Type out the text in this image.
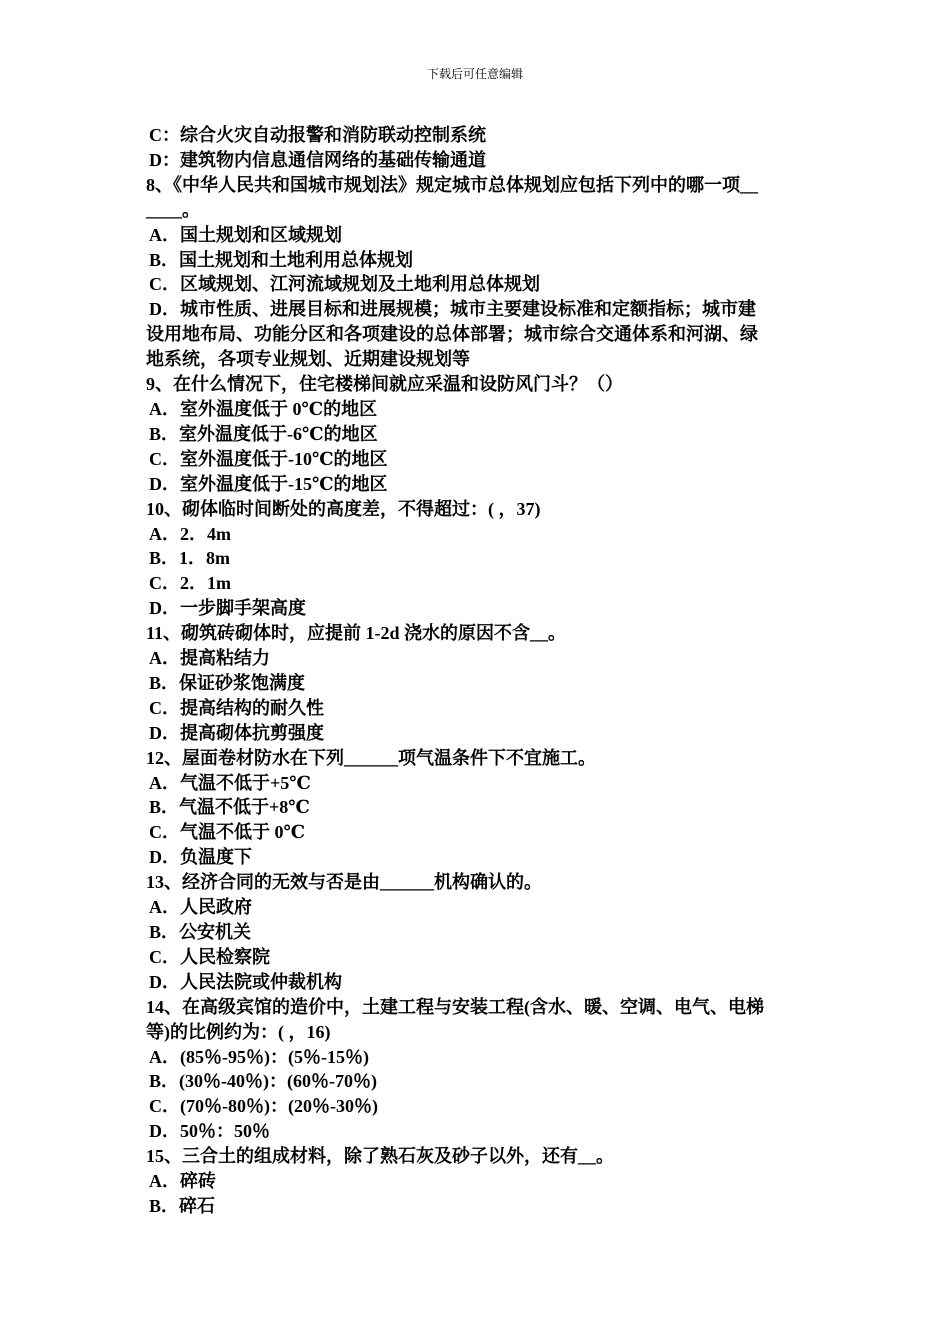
下载后可任意编辑
C：综合火灾自动报警和消防联动控制系统
D：建筑物内信息通信网络的基础传输通道
8、《中华人民共和国城市规划法》规定城市总体规划应包括下列中的哪一项__
____。
A．国土规划和区域规划
B．国土规划和土地利用总体规划
C．区域规划、江河流域规划及土地利用总体规划
D．城市性质、进展目标和进展规模；城市主要建设标准和定额指标；城市建
设用地布局、功能分区和各项建设的总体部署；城市综合交通体系和河湖、绿
地系统，各项专业规划、近期建设规划等
9、在什么情况下，住宅楼梯间就应采温和设防风门斗？（）
A．室外温度低于 0℃的地区
B．室外温度低于-6℃的地区
C．室外温度低于-10℃的地区
D．室外温度低于-15℃的地区
10、砌体临时间断处的高度差，不得超过：( ，37)
A．2．4m
B．1．8m
C．2．1m
D．一步脚手架高度
11、砌筑砖砌体时，应提前 1-2d 浇水的原因不含__。
A．提高粘结力
B．保证砂浆饱满度
C．提高结构的耐久性
D．提高砌体抗剪强度
12、屋面卷材防水在下列______项气温条件下不宜施工。
A．气温不低于+5℃
B．气温不低于+8℃
C．气温不低于 0℃
D．负温度下
13、经济合同的无效与否是由______机构确认的。
A．人民政府
B．公安机关
C．人民检察院
D．人民法院或仲裁机构
14、在高级宾馆的造价中，土建工程与安装工程(含水、暖、空调、电气、电梯
等)的比例约为：( ，16)
A．(85％-95％)：(5％-15％)
B．(30％-40％)：(60％-70％)
C．(70％-80％)：(20％-30％)
D．50％：50％
15、三合土的组成材料，除了熟石灰及砂子以外，还有__。
A．碎砖
B．碎石
